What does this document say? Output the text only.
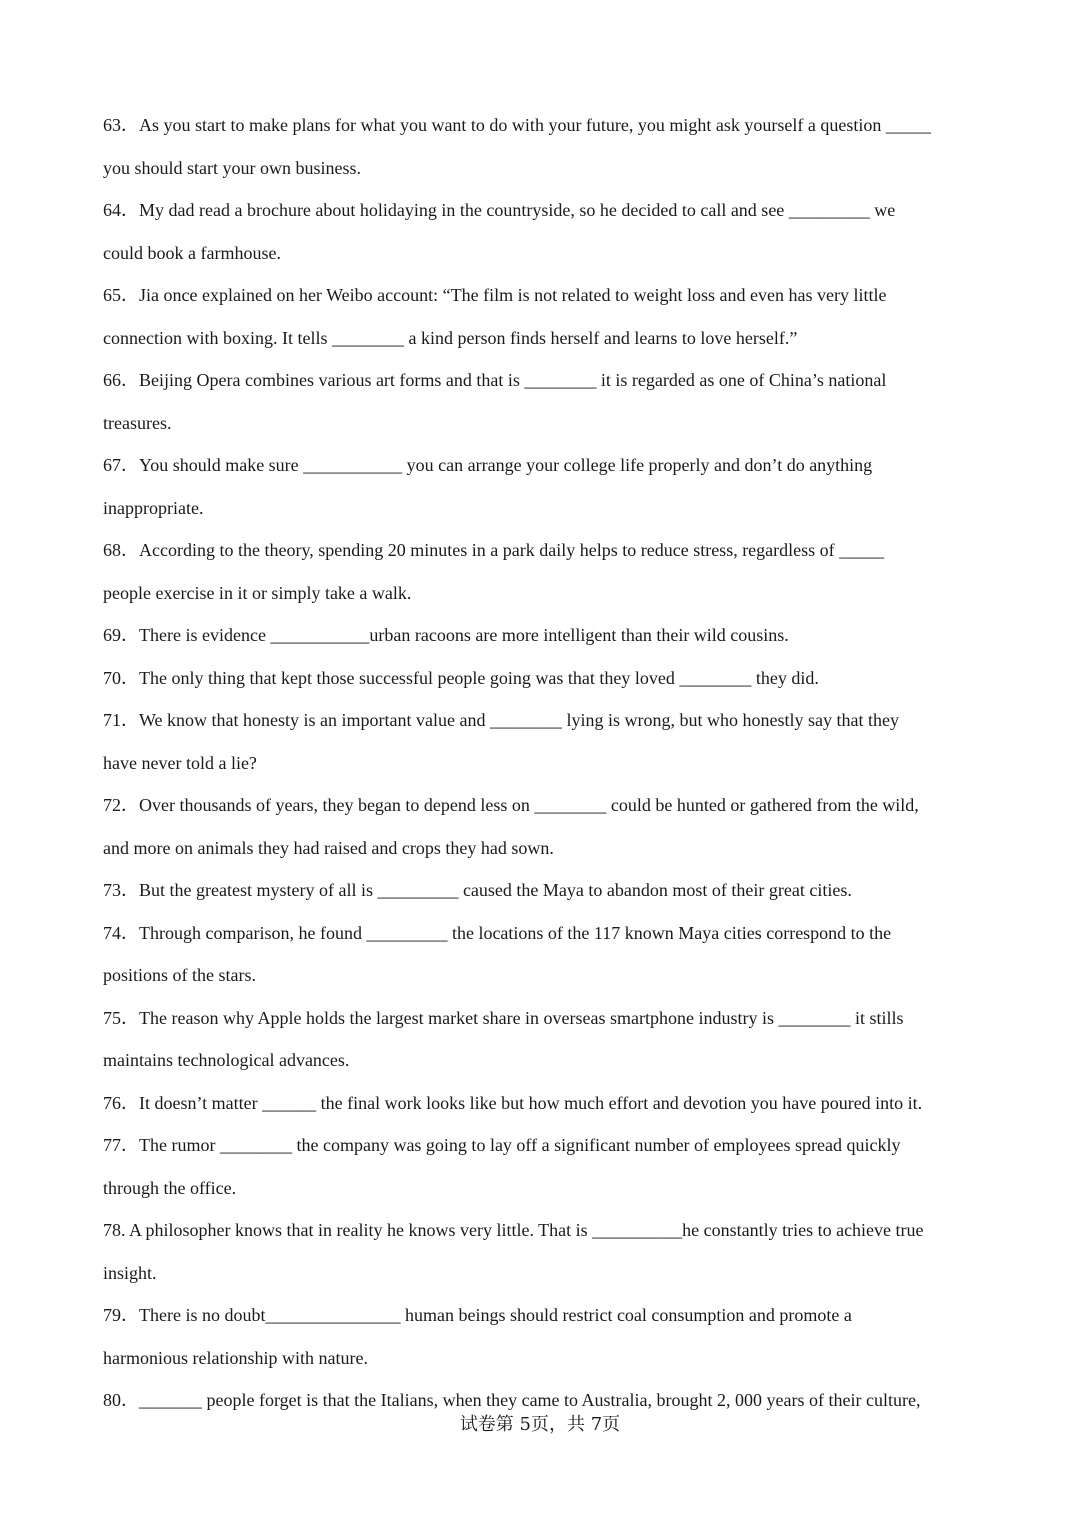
63．As you start to make plans for what you want to do with your future, you might ask yourself a question _____
you should start your own business.
64．My dad read a brochure about holidaying in the countryside, so he decided to call and see _________ we
could book a farmhouse.
65．Jia once explained on her Weibo account: “The film is not related to weight loss and even has very little
connection with boxing. It tells ________ a kind person finds herself and learns to love herself.”
66．Beijing Opera combines various art forms and that is ________ it is regarded as one of China’s national
treasures.
67．You should make sure ___________ you can arrange your college life properly and don’t do anything
inappropriate.
68．According to the theory, spending 20 minutes in a park daily helps to reduce stress, regardless of _____
people exercise in it or simply take a walk.
69．There is evidence ___________urban racoons are more intelligent than their wild cousins.
70．The only thing that kept those successful people going was that they loved ________ they did.
71．We know that honesty is an important value and ________ lying is wrong, but who honestly say that they
have never told a lie?
72．Over thousands of years, they began to depend less on ________ could be hunted or gathered from the wild,
and more on animals they had raised and crops they had sown.
73．But the greatest mystery of all is _________ caused the Maya to abandon most of their great cities.
74．Through comparison, he found _________ the locations of the 117 known Maya cities correspond to the
positions of the stars.
75．The reason why Apple holds the largest market share in overseas smartphone industry is ________ it stills
maintains technological advances.
76．It doesn’t matter ______ the final work looks like but how much effort and devotion you have poured into it.
77．The rumor ________ the company was going to lay off a significant number of employees spread quickly
through the office.
78. A philosopher knows that in reality he knows very little. That is __________he constantly tries to achieve true
insight.
79．There is no doubt_______________ human beings should restrict coal consumption and promote a
harmonious relationship with nature.
80．_______ people forget is that the Italians, when they came to Australia, brought 2, 000 years of their culture,
试卷第 5页，共 7页
